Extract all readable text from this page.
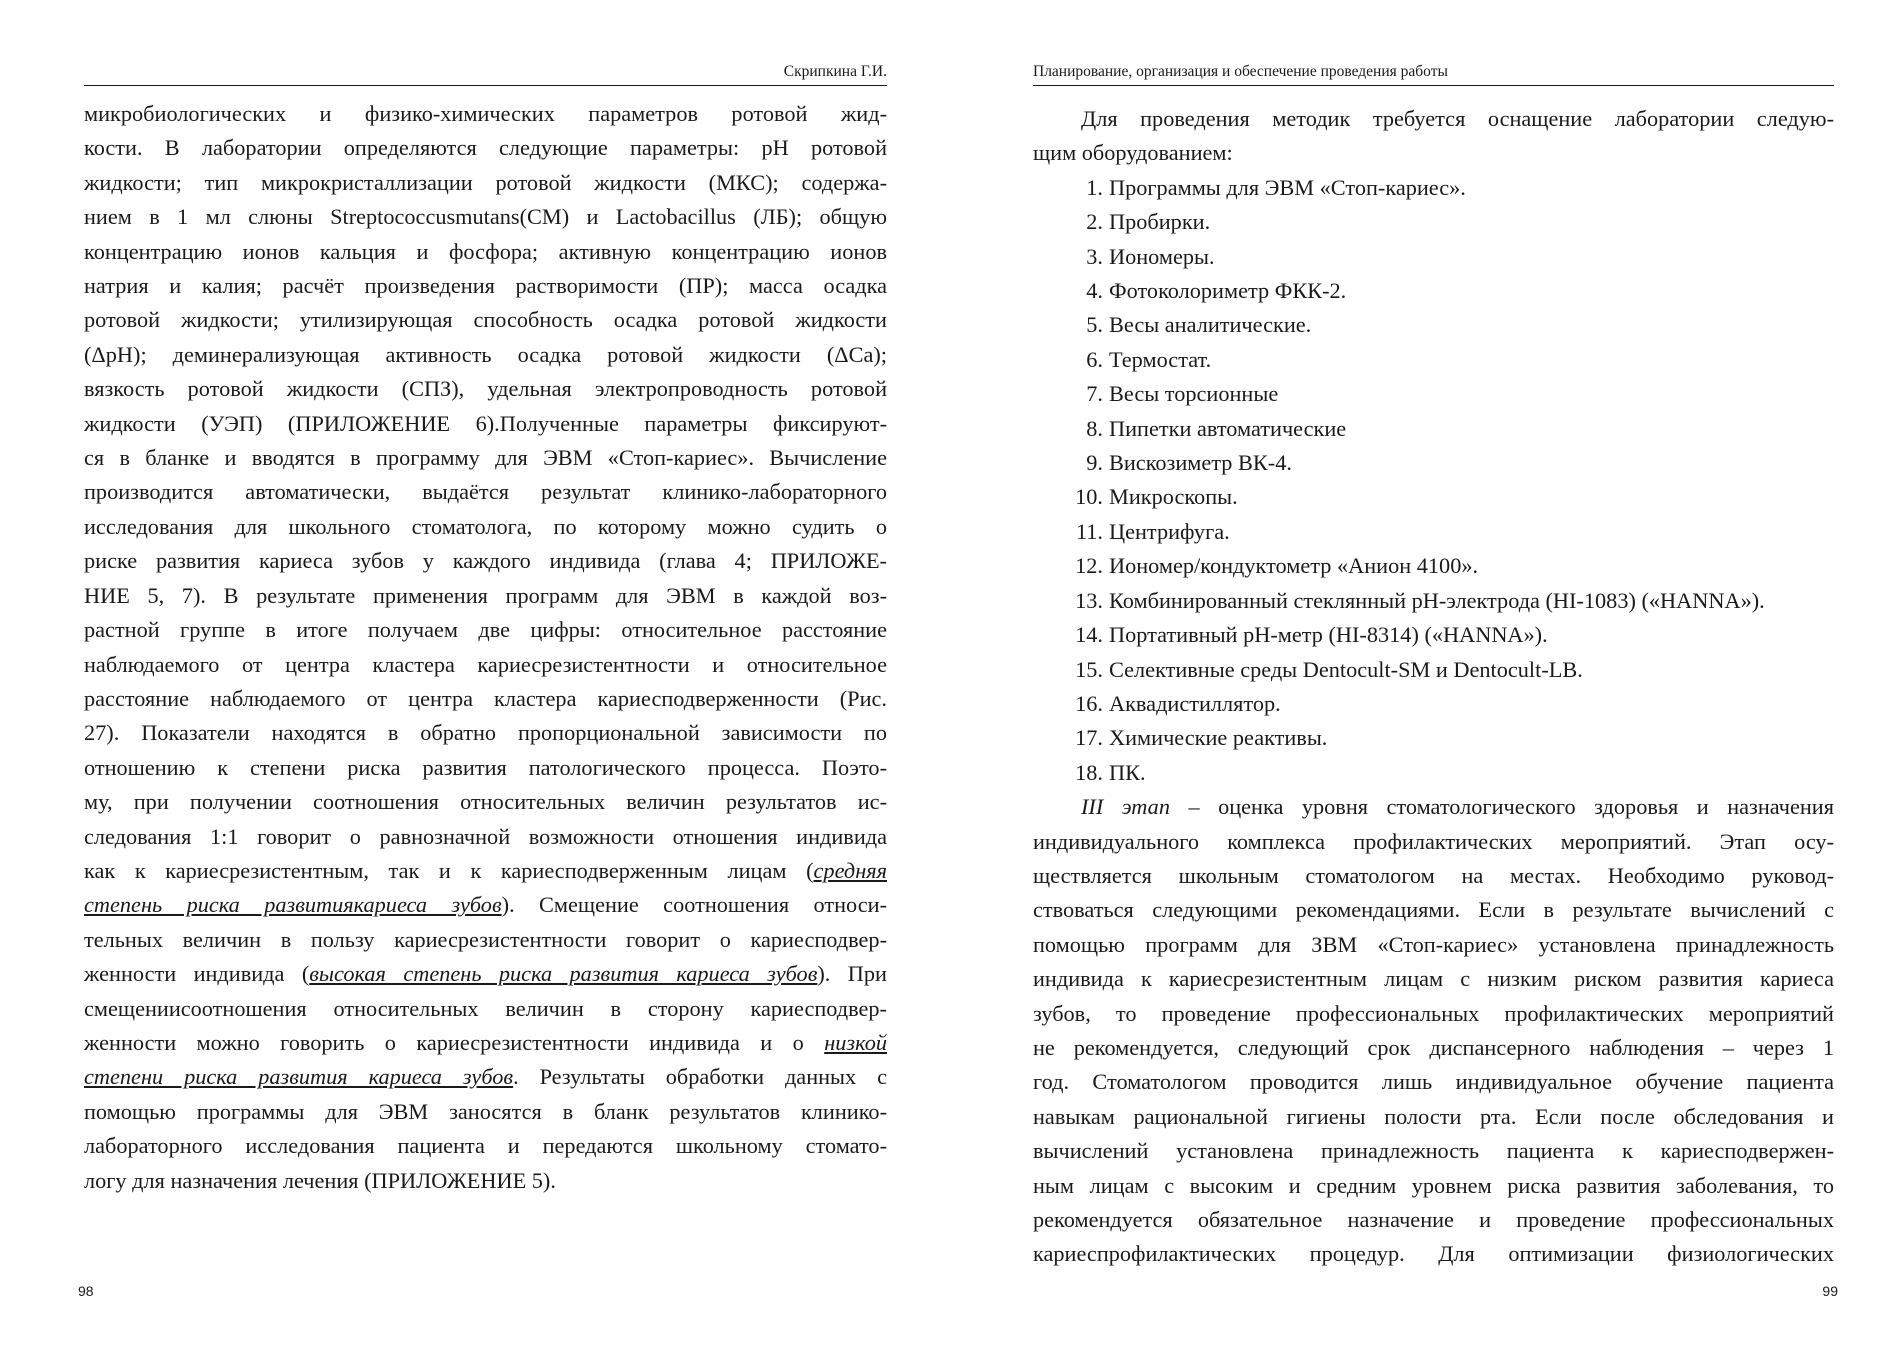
Скрипкина Г.И.
микробиологических и физико-химических параметров ротовой жид-
кости. В лаборатории определяются следующие параметры: pH ротовой
жидкости; тип микрокристаллизации ротовой жидкости (МКС); содержа-
нием в 1 мл слюны Streptococcusmutans(СМ) и Lactobacillus (ЛБ); общую
концентрацию ионов кальция и фосфора; активную концентрацию ионов
натрия и калия; расчёт произведения растворимости (ПР); масса осадка
ротовой жидкости; утилизирующая способность осадка ротовой жидкости
(ΔpH); деминерализующая активность осадка ротовой жидкости (ΔCa);
вязкость ротовой жидкости (СПЗ), удельная электропроводность ротовой
жидкости (УЭП) (ПРИЛОЖЕНИЕ 6).Полученные параметры фиксируют-
ся в бланке и вводятся в программу для ЭВМ «Стоп-кариес». Вычисление
производится автоматически, выдаётся результат клинико-лабораторного
исследования для школьного стоматолога, по которому можно судить о
риске развития кариеса зубов у каждого индивида (глава 4; ПРИЛОЖЕ-
НИЕ 5, 7). В результате применения программ для ЭВМ в каждой воз-
растной группе в итоге получаем две цифры: относительное расстояние
наблюдаемого от центра кластера кариесрезистентности и относительное
расстояние наблюдаемого от центра кластера кариесподверженности (Рис.
27). Показатели находятся в обратно пропорциональной зависимости по
отношению к степени риска развития патологического процесса. Поэто-
му, при получении соотношения относительных величин результатов ис-
следования 1:1 говорит о равнозначной возможности отношения индивида
как к кариесрезистентным, так и к кариесподверженным лицам (средняя
степень риска развитиякариеса зубов). Смещение соотношения относи-
тельных величин в пользу кариесрезистентности говорит о кариесподвер-
женности индивида (высокая степень риска развития кариеса зубов). При
смещениисоотношения относительных величин в сторону кариесподвер-
женности можно говорить о кариесрезистентности индивида и о низкой
степени риска развития кариеса зубов. Результаты обработки данных с
помощью программы для ЭВМ заносятся в бланк результатов клинико-
лабораторного исследования пациента и передаются школьному стомато-
логу для назначения лечения (ПРИЛОЖЕНИЕ 5).
98
Планирование, организация и обеспечение проведения работы
Для проведения методик требуется оснащение лаборатории следую-
щим оборудованием:
1. Программы для ЭВМ «Стоп-кариес».
2. Пробирки.
3. Иономеры.
4. Фотоколориметр ФКК-2.
5. Весы аналитические.
6. Термостат.
7. Весы торсионные
8. Пипетки автоматические
9. Вискозиметр ВК-4.
10. Микроскопы.
11. Центрифуга.
12. Иономер/кондуктометр «Анион 4100».
13. Комбинированный стеклянный pH-электрода (HI-1083) («HANNA»).
14. Портативный pH-метр (HI-8314) («HANNA»).
15. Селективные среды Dentocult-SM и Dentocult-LB.
16. Аквадистиллятор.
17. Химические реактивы.
18. ПК.
III этап – оценка уровня стоматологического здоровья и назначения
индивидуального комплекса профилактических мероприятий. Этап осу-
ществляется школьным стоматологом на местах. Необходимо руковод-
ствоваться следующими рекомендациями. Если в результате вычислений с
помощью программ для ЗВМ «Стоп-кариес» установлена принадлежность
индивида к кариесрезистентным лицам с низким риском развития кариеса
зубов, то проведение профессиональных профилактических мероприятий
не рекомендуется, следующий срок диспансерного наблюдения – через 1
год. Стоматологом проводится лишь индивидуальное обучение пациента
навыкам рациональной гигиены полости рта. Если после обследования и
вычислений установлена принадлежность пациента к кариесподвержен-
ным лицам с высоким и средним уровнем риска развития заболевания, то
рекомендуется обязательное назначение и проведение профессиональных
кариеспрофилактических процедур. Для оптимизации физиологических
99
